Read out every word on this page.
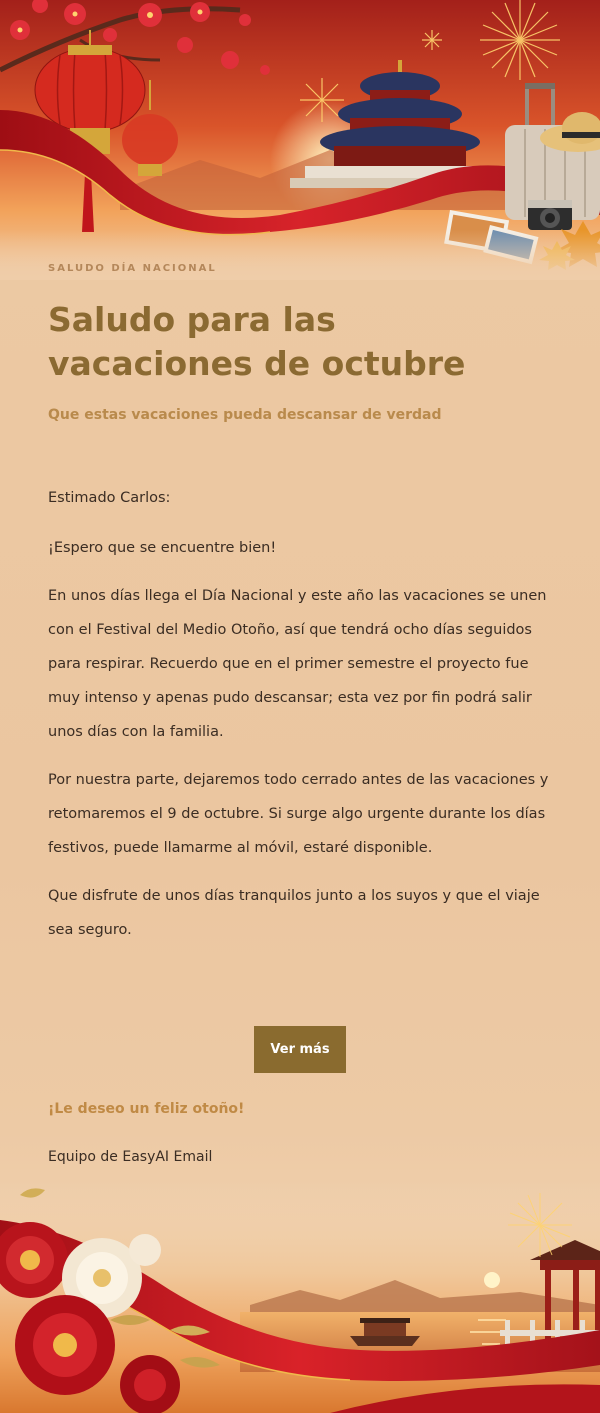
SALUDO DÍA NACIONAL
Saludo para las vacaciones de octubre
Que estas vacaciones pueda descansar de verdad

Estimado Carlos:

¡Espero que se encuentre bien!

En unos días llega el Día Nacional y este año las vacaciones se unen con el Festival del Medio Otoño, así que tendrá ocho días seguidos para respirar. Recuerdo que en el primer semestre el proyecto fue muy intenso y apenas pudo descansar; esta vez por fin podrá salir unos días con la familia.

Por nuestra parte, dejaremos todo cerrado antes de las vacaciones y retomaremos el 9 de octubre. Si surge algo urgente durante los días festivos, puede llamarme al móvil, estaré disponible.

Que disfrute de unos días tranquilos junto a los suyos y que el viaje sea seguro.

Ver más
¡Le deseo un feliz otoño!
Equipo de EasyAI Email
